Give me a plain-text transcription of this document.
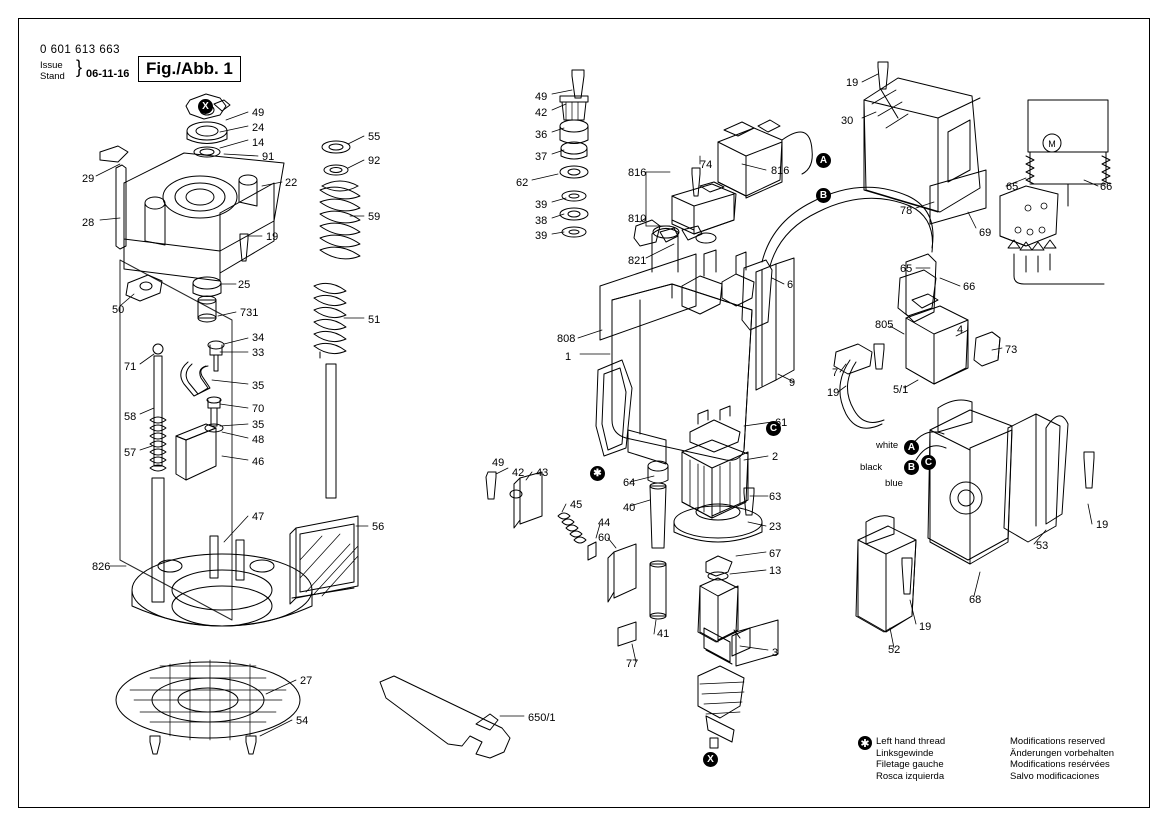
0 601 613 663
Issue
Stand } 06-11-16 Fig./Abb. 1
M
A
B
C
X
X
✱
A
B C
white
black
blue
49
24
14
91
29	22
28
19
25
50	731
34
33
71
35
70
58
35
48
57
46
47
826
56
55
92
59
51
27
54	650/1
49
42
36
37
62
39
38
39
816
74	816
810
821
19
30
78
69
65	66
65
66
6
808
1
9
7
19
805
5/1
4
73
61
2
49
42 43
45
44
64
40
60
63
23
67
13
41
77
3
19
53
68
19
52
✱ Left hand thread
Linksgewinde
Filetage gauche
Rosca izquierda
Modifications reserved
Änderungen vorbehalten
Modifications resérvées
Salvo modificaciones
